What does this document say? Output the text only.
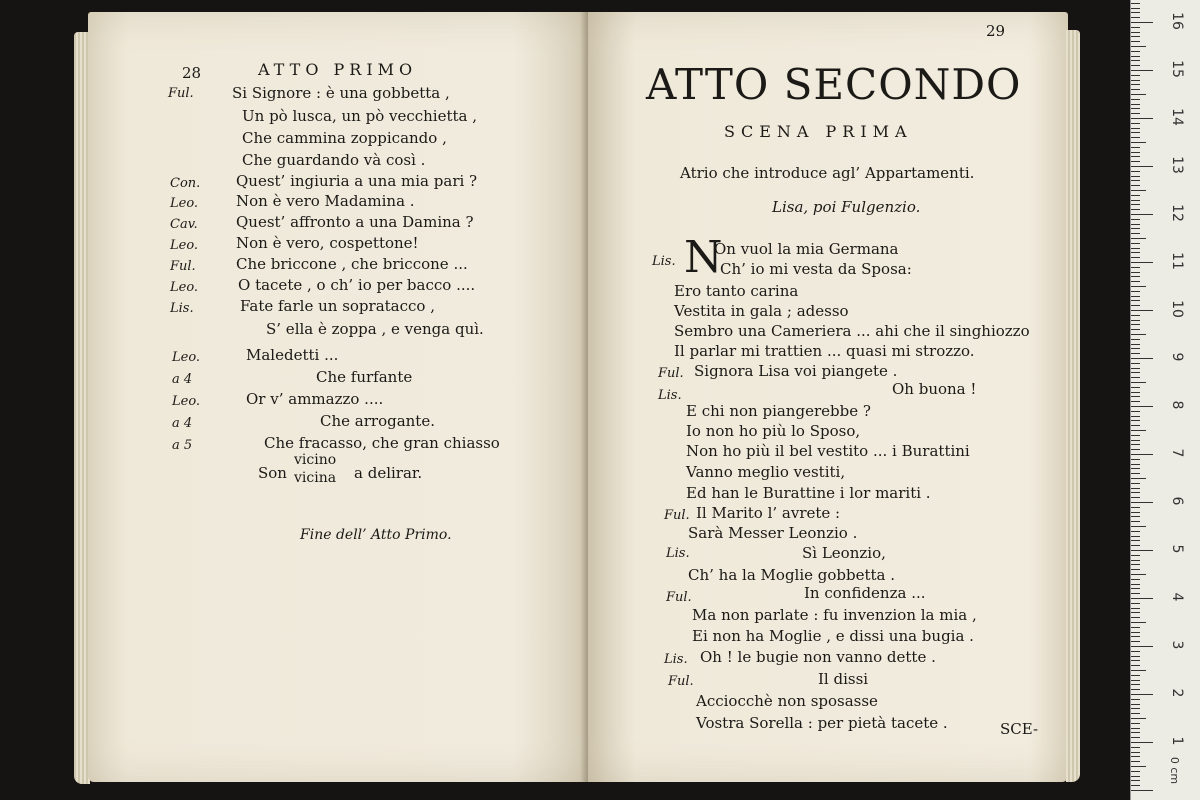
28	ATTO PRIMO
Ful.	Si Signore : è una gobbetta ,
Un pò lusca, un pò vecchietta ,
Che cammina zoppicando ,
Che guardando và così .
Con. Quest’ ingiuria a una mia pari ?
Leo.	Non è vero Madamina .
Cav.	Quest’ affronto a una Damina ?
Leo.	Non è vero, cospettone!
Ful.	Che briccone , che briccone ...
Leo.	O tacete , o ch’ io per bacco ....
Lis.	Fate farle un sopratacco ,
S’ ella è zoppa , e venga quì.
Leo.	Maledetti ...
a 4	Che furfante
Leo.	Or v’ ammazzo ....
a 4	Che arrogante.
a 5	Che fracasso, che gran chiasso
Son
vicino
vicina a delirar.
Fine dell’ Atto Primo.
29
ATTO SECONDO
SCENA PRIMA
Atrio che introduce agl’ Appartamenti.
Lisa, poi Fulgenzio.
Lis. N
On vuol la mia Germana
Ch’ io mi vesta da Sposa:
Ero tanto carina
Vestita in gala ; adesso
Sembro una Cameriera ... ahi che il singhiozzo
Il parlar mi trattien ... quasi mi strozzo.
Ful. Signora Lisa voi piangete .
Lis.	Oh buona !
E chi non piangerebbe ?
Io non ho più lo Sposo,
Non ho più il bel vestito ... i Burattini
Vanno meglio vestiti,
Ed han le Burattine i lor mariti .
Ful. Il Marito l’ avrete :
Sarà Messer Leonzio .
Lis.	Sì Leonzio,
Ch’ ha la Moglie gobbetta .
Ful.	In confidenza ...
Ma non parlate : fu invenzion la mia ,
Ei non ha Moglie , e dissi una bugia .
Lis. Oh ! le bugie non vanno dette .
Ful.	Il dissi
Acciocchè non sposasse
Vostra Sorella : per pietà tacete .	SCE-
1
2
3
4
5
6
7
8
9
10
11
12
13
14
15
16
0 cm
